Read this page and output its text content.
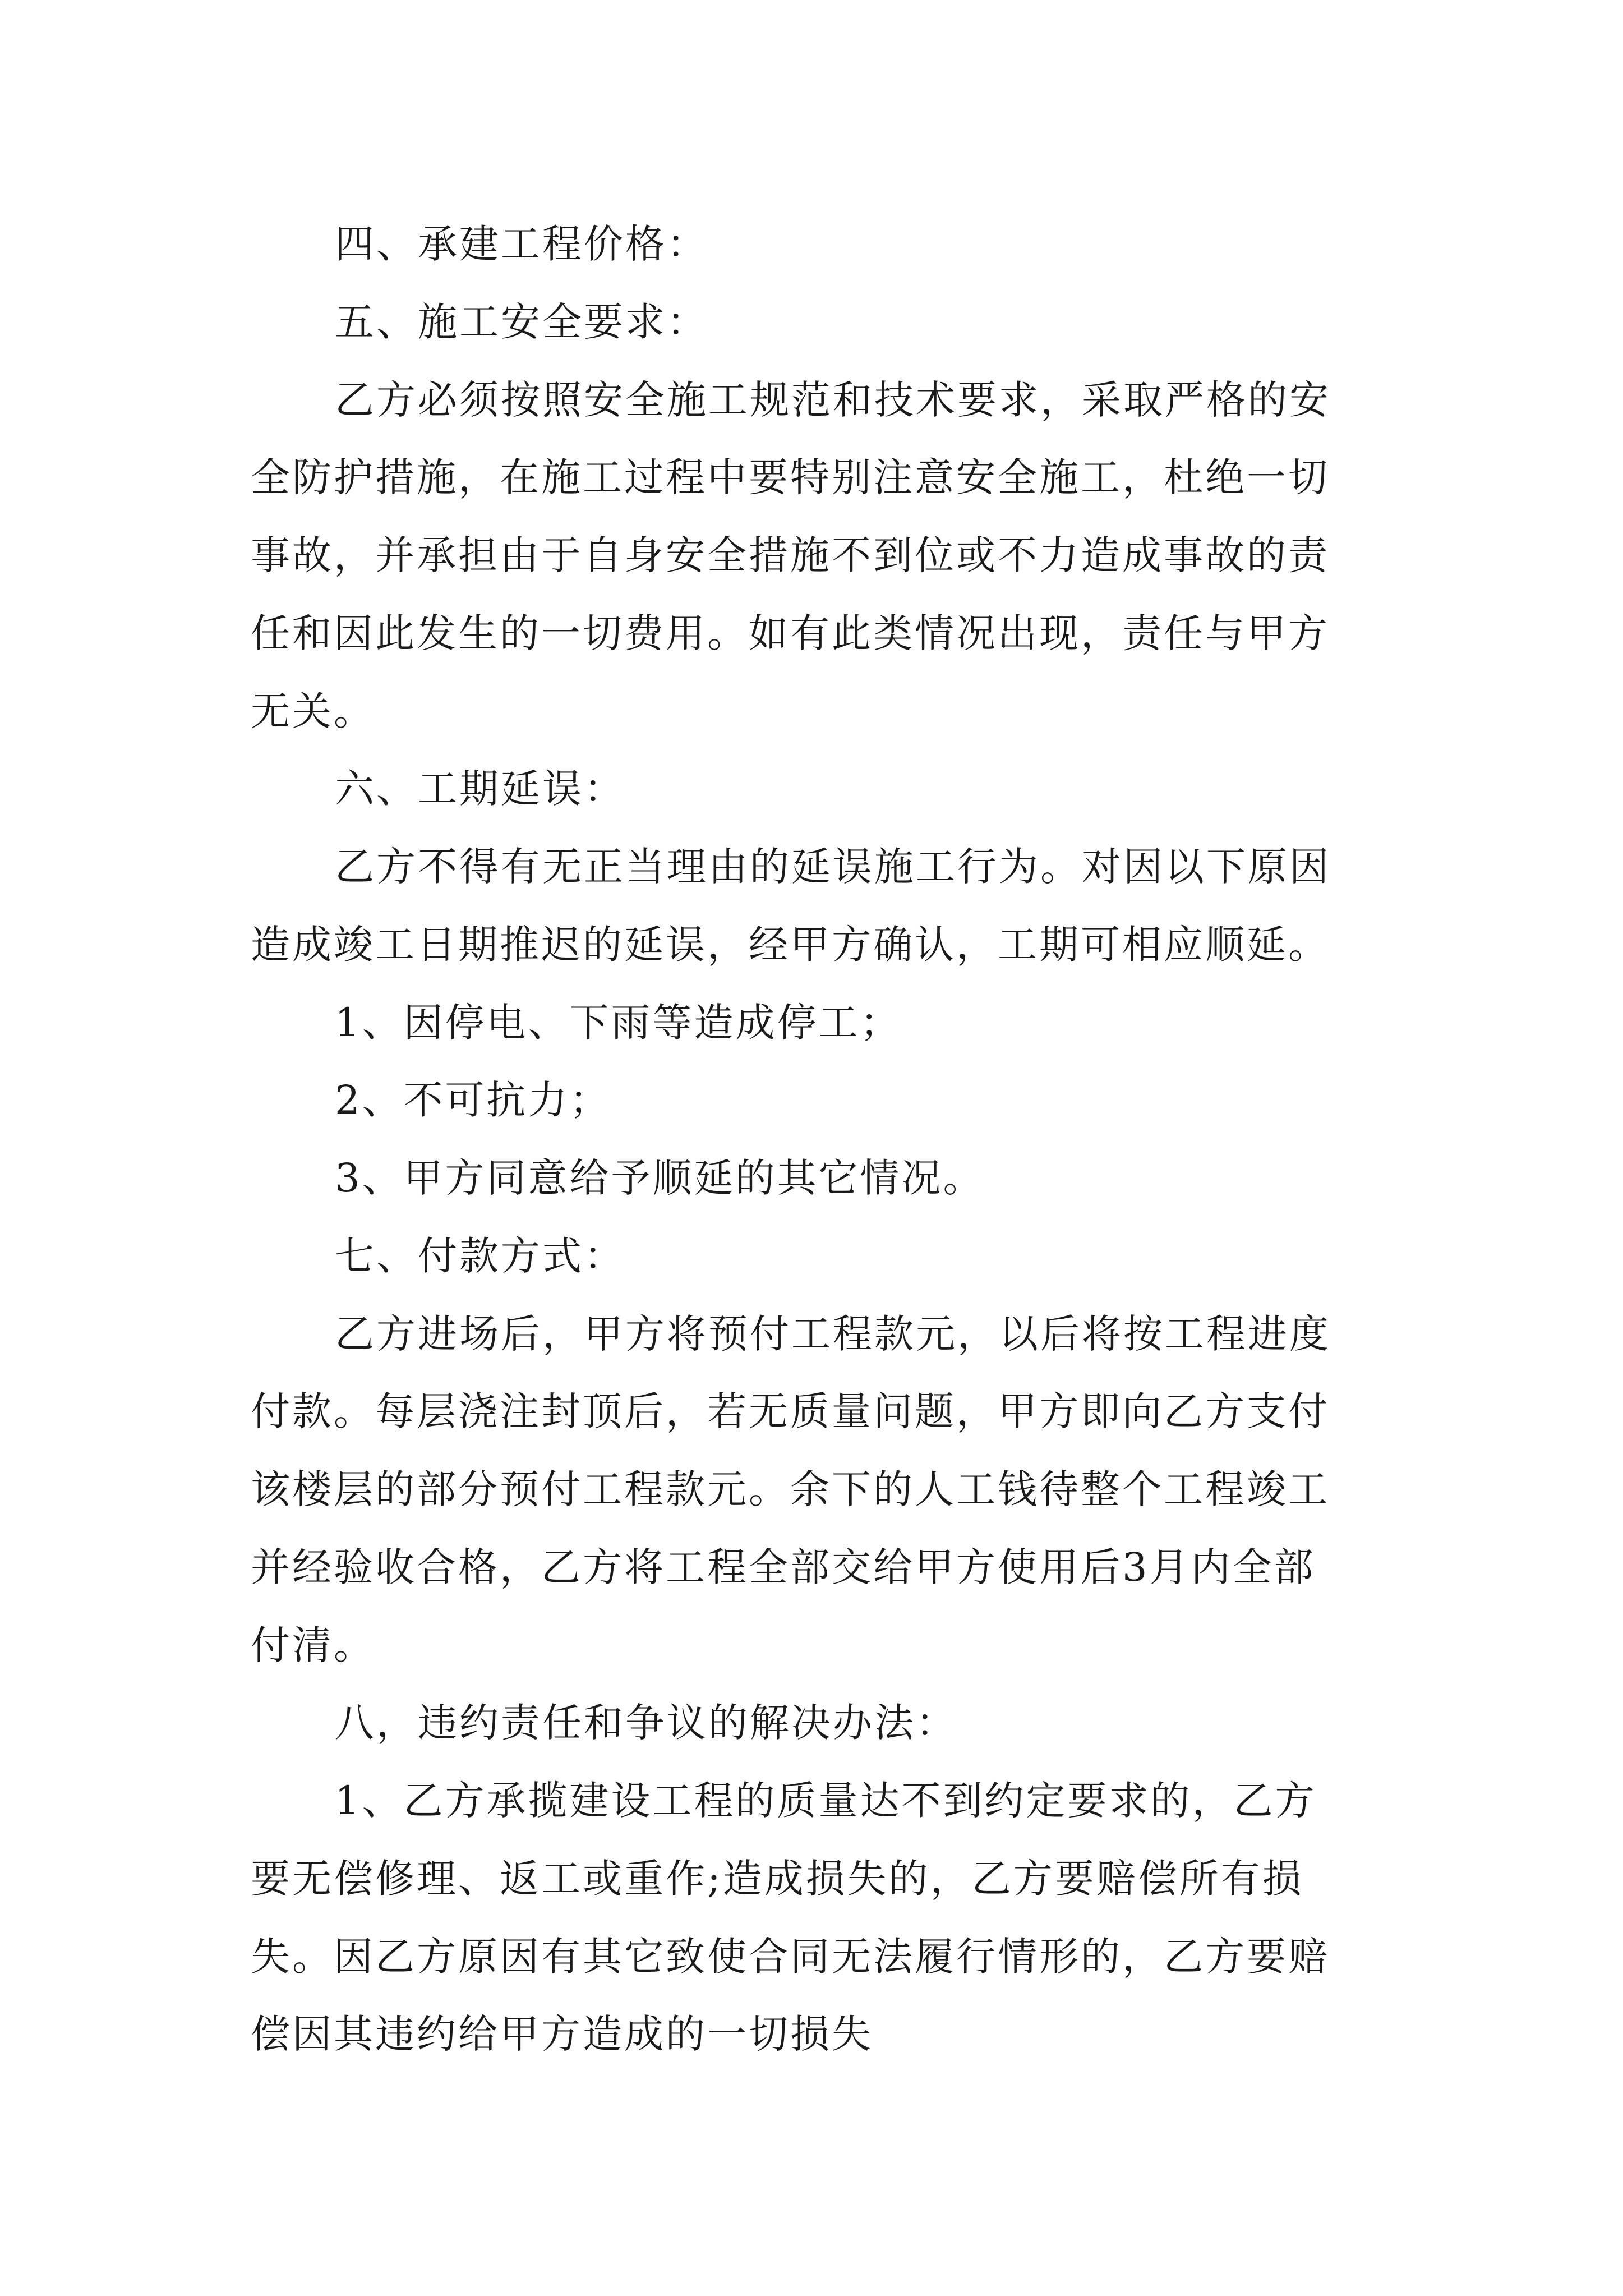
四、承建工程价格：

五、施工安全要求：

乙方必须按照安全施工规范和技术要求，采取严格的安

全防护措施，在施工过程中要特别注意安全施工，杜绝一切

事故，并承担由于自身安全措施不到位或不力造成事故的责

任和因此发生的一切费用。如有此类情况出现，责任与甲方

无关。

六、工期延误：

乙方不得有无正当理由的延误施工行为。对因以下原因

造成竣工日期推迟的延误，经甲方确认，工期可相应顺延。

1、因停电、下雨等造成停工；

2、不可抗力；

3、甲方同意给予顺延的其它情况。

七、付款方式：

乙方进场后，甲方将预付工程款元，以后将按工程进度

付款。每层浇注封顶后，若无质量问题，甲方即向乙方支付

该楼层的部分预付工程款元。余下的人工钱待整个工程竣工

并经验收合格，乙方将工程全部交给甲方使用后3月内全部

付清。

八，违约责任和争议的解决办法：

1、乙方承揽建设工程的质量达不到约定要求的，乙方

要无偿修理、返工或重作;造成损失的，乙方要赔偿所有损

失。因乙方原因有其它致使合同无法履行情形的，乙方要赔

偿因其违约给甲方造成的一切损失
